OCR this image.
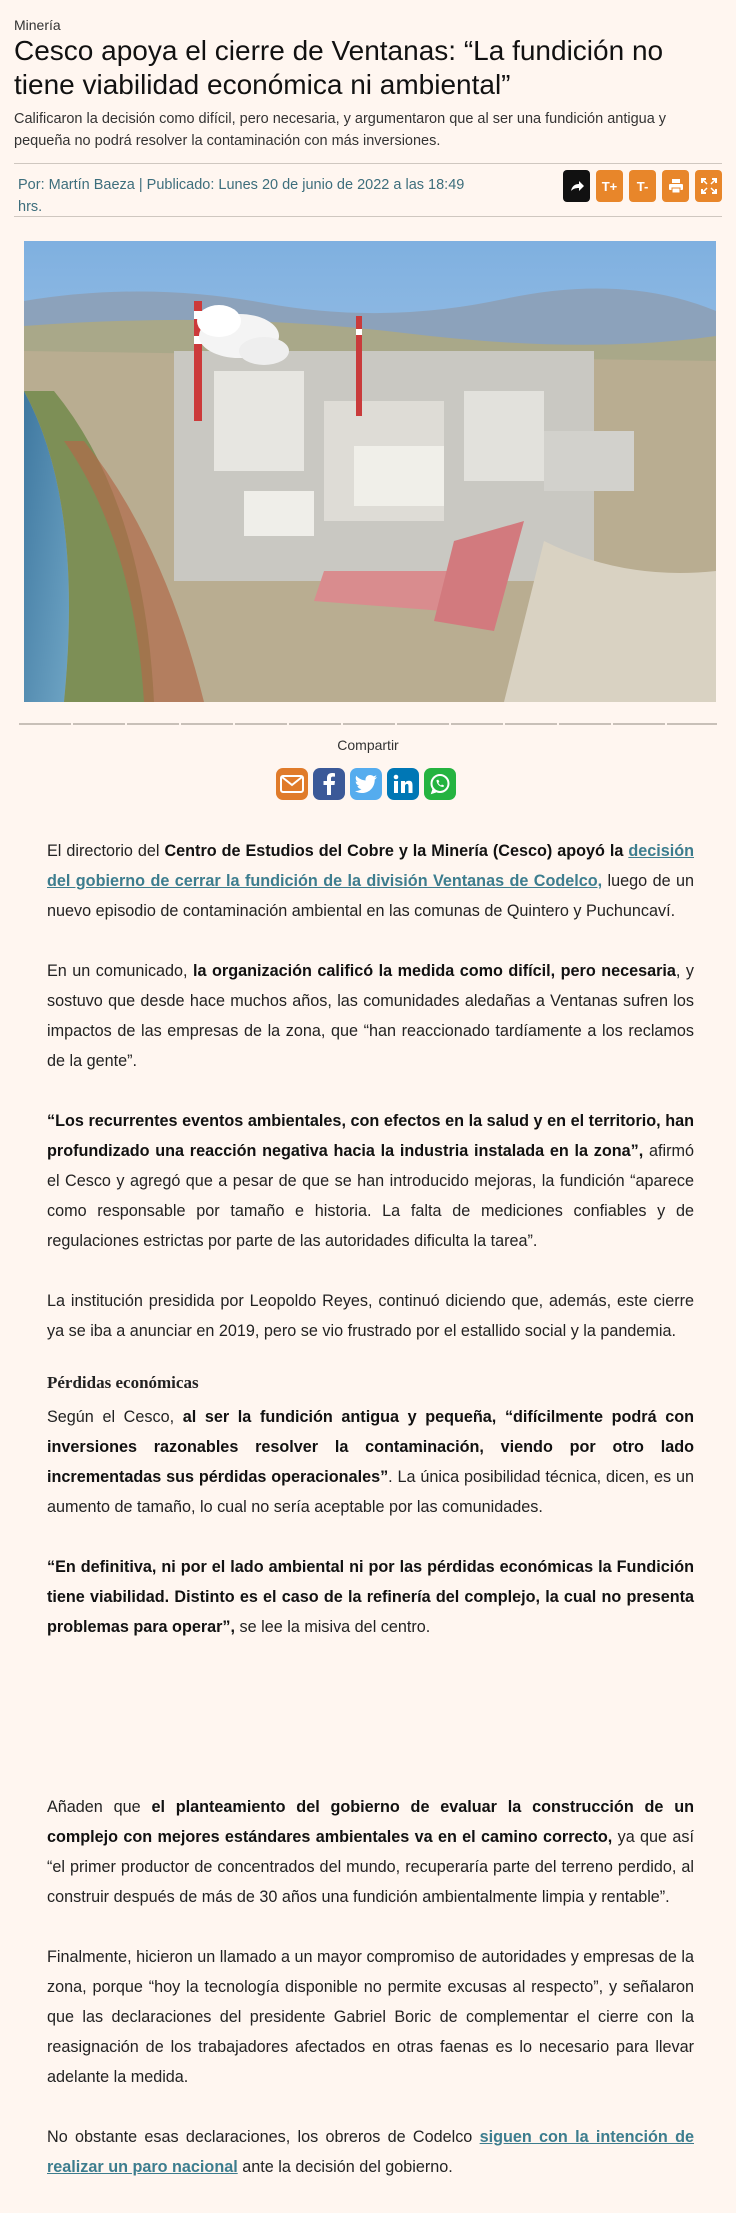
Minería
Cesco apoya el cierre de Ventanas: “La fundición no tiene viabilidad económica ni ambiental”
Calificaron la decisión como difícil, pero necesaria, y argumentaron que al ser una fundición antigua y pequeña no podrá resolver la contaminación con más inversiones.
Por: Martín Baeza | Publicado: Lunes 20 de junio de 2022 a las 18:49 hrs.
T+	T-
Compartir

El directorio del Centro de Estudios del Cobre y la Minería (Cesco) apoyó la decisión del gobierno de cerrar la fundición de la división Ventanas de Codelco, luego de un nuevo episodio de contaminación ambiental en las comunas de Quintero y Puchuncaví.

En un comunicado, la organización calificó la medida como difícil, pero necesaria, y sostuvo que desde hace muchos años, las comunidades aledañas a Ventanas sufren los impactos de las empresas de la zona, que “han reaccionado tardíamente a los reclamos de la gente”.

“Los recurrentes eventos ambientales, con efectos en la salud y en el territorio, han profundizado una reacción negativa hacia la industria instalada en la zona”, afirmó el Cesco y agregó que a pesar de que se han introducido mejoras, la fundición “aparece como responsable por tamaño e historia. La falta de mediciones confiables y de regulaciones estrictas por parte de las autoridades dificulta la tarea”.

La institución presidida por Leopoldo Reyes, continuó diciendo que, además, este cierre ya se iba a anunciar en 2019, pero se vio frustrado por el estallido social y la pandemia.

Pérdidas económicas

Según el Cesco, al ser la fundición antigua y pequeña, “difícilmente podrá con inversiones razonables resolver la contaminación, viendo por otro lado incrementadas sus pérdidas operacionales”. La única posibilidad técnica, dicen, es un aumento de tamaño, lo cual no sería aceptable por las comunidades.

“En definitiva, ni por el lado ambiental ni por las pérdidas económicas la Fundición tiene viabilidad. Distinto es el caso de la refinería del complejo, la cual no presenta problemas para operar”, se lee la misiva del centro.

Añaden que el planteamiento del gobierno de evaluar la construcción de un complejo con mejores estándares ambientales va en el camino correcto, ya que así “el primer productor de concentrados del mundo, recuperaría parte del terreno perdido, al construir después de más de 30 años una fundición ambientalmente limpia y rentable”.

Finalmente, hicieron un llamado a un mayor compromiso de autoridades y empresas de la zona, porque “hoy la tecnología disponible no permite excusas al respecto”, y señalaron que las declaraciones del presidente Gabriel Boric de complementar el cierre con la reasignación de los trabajadores afectados en otras faenas es lo necesario para llevar adelante la medida.

No obstante esas declaraciones, los obreros de Codelco siguen con la intención de realizar un paro nacional ante la decisión del gobierno.
